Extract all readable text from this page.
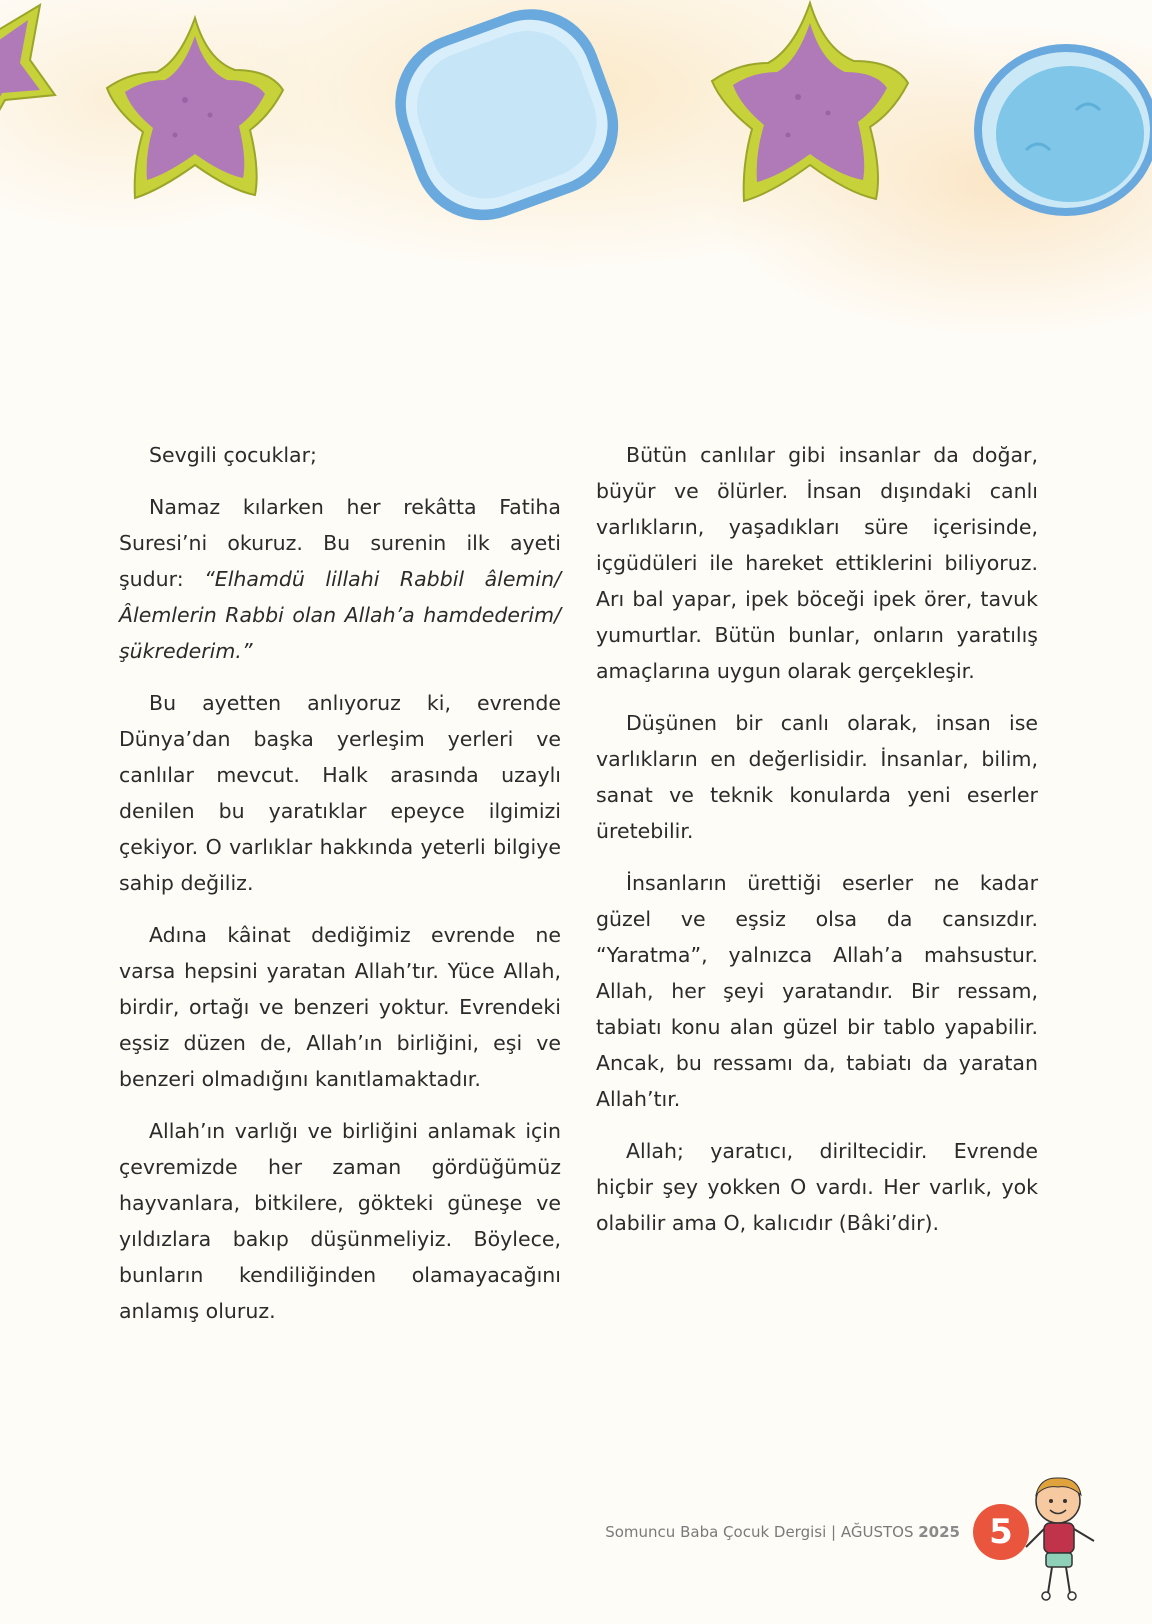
Sevgili çocuklar;

Namaz kılarken her rekâtta Fatiha Suresi’ni okuruz. Bu surenin ilk ayeti şudur: “Elhamdü lillahi Rabbil âlemin/Âlemlerin Rabbi olan Allah’a hamdederim/şükrederim.”

Bu ayetten anlıyoruz ki, evrende Dünya’dan başka yerleşim yerleri ve canlılar mevcut. Halk arasında uzaylı denilen bu yaratıklar epeyce ilgimizi çekiyor. O varlıklar hakkında yeterli bilgiye sahip değiliz.

Adına kâinat dediğimiz evrende ne varsa hepsini yaratan Allah’tır. Yüce Allah, birdir, ortağı ve benzeri yoktur. Evrendeki eşsiz düzen de, Allah’ın birliğini, eşi ve benzeri olmadığını kanıtlamaktadır.

Allah’ın varlığı ve birliğini anlamak için çevremizde her zaman gördüğümüz hayvanlara, bitkilere, gökteki güneşe ve yıldızlara bakıp düşünmeliyiz. Böylece, bunların kendiliğinden olamayacağını anlamış oluruz.

Bütün canlılar gibi insanlar da doğar, büyür ve ölürler. İnsan dışındaki canlı varlıkların, yaşadıkları süre içerisinde, içgüdüleri ile hareket ettiklerini biliyoruz. Arı bal yapar, ipek böceği ipek örer, tavuk yumurtlar. Bütün bunlar, onların yaratılış amaçlarına uygun olarak gerçekleşir.

Düşünen bir canlı olarak, insan ise varlıkların en değerlisidir. İnsanlar, bilim, sanat ve teknik konularda yeni eserler üretebilir.

İnsanların ürettiği eserler ne kadar güzel ve eşsiz olsa da cansızdır. “Yaratma”, yalnızca Allah’a mahsustur. Allah, her şeyi yaratandır. Bir ressam, tabiatı konu alan güzel bir tablo yapabilir. Ancak, bu ressamı da, tabiatı da yaratan Allah’tır.

Allah; yaratıcı, diriltecidir. Evrende hiçbir şey yokken O vardı. Her varlık, yok olabilir ama O, kalıcıdır (Bâki’dir).

Somuncu Baba Çocuk Dergisi | AĞUSTOS 2025 5
